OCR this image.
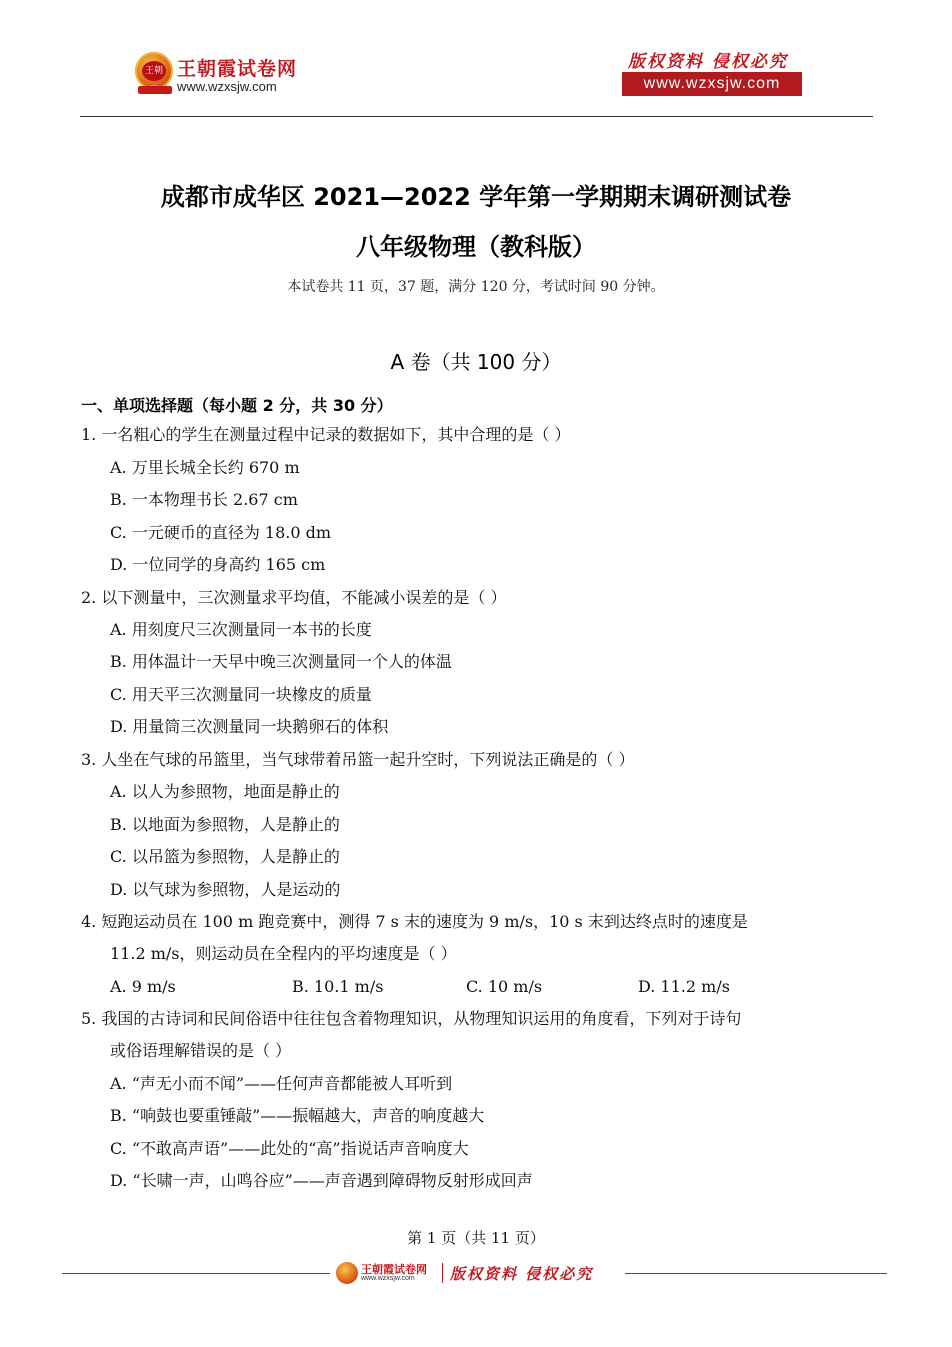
王朝 王朝霞试卷网
www.wzxsjw.com
版权资料 侵权必究
www.wzxsjw.com
成都市成华区 2021—2022 学年第一学期期末调研测试卷
八年级物理（教科版）
本试卷共 11 页，37 题，满分 120 分，考试时间 90 分钟。
A 卷（共 100 分）
一、单项选择题（每小题 2 分，共 30 分）
1. 一名粗心的学生在测量过程中记录的数据如下，其中合理的是（ ）
A. 万里长城全长约 670 m
B. 一本物理书长 2.67 cm
C. 一元硬币的直径为 18.0 dm
D. 一位同学的身高约 165 cm
2. 以下测量中，三次测量求平均值，不能减小误差的是（ ）
A. 用刻度尺三次测量同一本书的长度
B. 用体温计一天早中晚三次测量同一个人的体温
C. 用天平三次测量同一块橡皮的质量
D. 用量筒三次测量同一块鹅卵石的体积
3. 人坐在气球的吊篮里，当气球带着吊篮一起升空时，下列说法正确是的（ ）
A. 以人为参照物，地面是静止的
B. 以地面为参照物，人是静止的
C. 以吊篮为参照物，人是静止的
D. 以气球为参照物，人是运动的
4. 短跑运动员在 100 m 跑竞赛中，测得 7 s 末的速度为 9 m/s，10 s 末到达终点时的速度是
11.2 m/s，则运动员在全程内的平均速度是（ ）
A. 9 m/s	B. 10.1 m/s	C. 10 m/s	D. 11.2 m/s
5. 我国的古诗词和民间俗语中往往包含着物理知识，从物理知识运用的角度看，下列对于诗句
或俗语理解错误的是（ ）
A. “声无小而不闻”——任何声音都能被人耳听到
B. “响鼓也要重锤敲”——振幅越大，声音的响度越大
C. “不敢高声语”——此处的“高”指说话声音响度大
D. “长啸一声，山鸣谷应”——声音遇到障碍物反射形成回声
第 1 页（共 11 页）
王朝霞试卷网
www.wzxsjw.com 版权资料 侵权必究
